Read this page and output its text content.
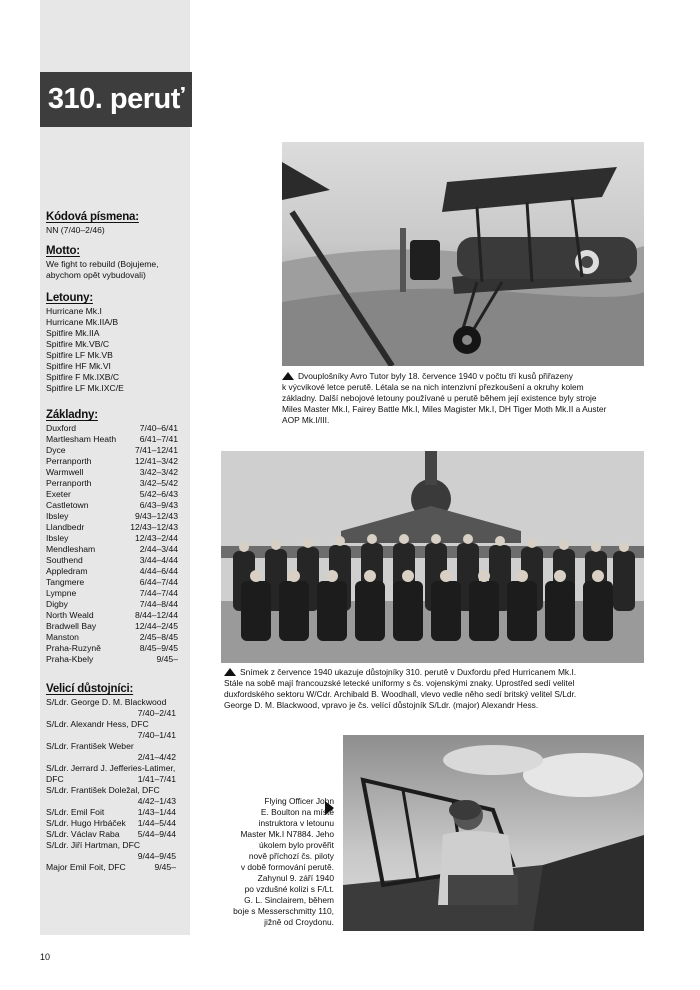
310. peruť
Kódová písmena:
NN (7/40–2/46)
Motto:
We fight to rebuild (Bojujeme,
abychom opět vybudovali)
Letouny:
Hurricane Mk.I
Hurricane Mk.IIA/B
Spitfire Mk.IIA
Spitfire Mk.VB/C
Spitfire LF Mk.VB
Spitfire HF Mk.VI
Spitfire F Mk.IXB/C
Spitfire LF Mk.IXC/E
Základny:
Duxford	7/40–6/41
Martlesham Heath	6/41–7/41
Dyce	7/41–12/41
Perranporth	12/41–3/42
Warmwell	3/42–3/42
Perranporth	3/42–5/42
Exeter	5/42–6/43
Castletown	6/43–9/43
Ibsley	9/43–12/43
Llandbedr	12/43–12/43
Ibsley	12/43–2/44
Mendlesham	2/44–3/44
Southend	3/44–4/44
Appledram	4/44–6/44
Tangmere	6/44–7/44
Lympne	7/44–7/44
Digby	7/44–8/44
North Weald	8/44–12/44
Bradwell Bay	12/44–2/45
Manston	2/45–8/45
Praha-Ruzyně	8/45–9/45
Praha-Kbely	9/45–
Velicí důstojníci:
S/Ldr. George D. M. Blackwood
7/40–2/41
S/Ldr. Alexandr Hess, DFC
7/40–1/41
S/Ldr. František Weber
2/41–4/42
S/Ldr. Jerrard J. Jefferies-Latimer,
DFC	1/41–7/41
S/Ldr. František Doležal, DFC
4/42–1/43
S/Ldr. Emil Foit	1/43–1/44
S/Ldr. Hugo Hrbáček 1/44–5/44
S/Ldr. Václav Raba 5/44–9/44
S/Ldr. Jiří Hartman, DFC
9/44–9/45
Major Emil Foit, DFC	9/45–
Dvouplošníky Avro Tutor byly 18. července 1940 v počtu tří kusů přiřazeny
k výcvikové letce perutě. Létala se na nich intenzivní přezkoušení a okruhy kolem
základny. Další nebojové letouny používané u perutě během její existence byly stroje
Miles Master Mk.I, Fairey Battle Mk.I, Miles Magister Mk.I, DH Tiger Moth Mk.II a Auster
AOP Mk.I/III.
Snímek z července 1940 ukazuje důstojníky 310. perutě v Duxfordu před Hurricanem Mk.I.
Stále na sobě mají francouzské letecké uniformy s čs. vojenskými znaky. Uprostřed sedí velitel
duxfordského sektoru W/Cdr. Archibald B. Woodhall, vlevo vedle něho sedí britský velitel S/Ldr.
George D. M. Blackwood, vpravo je čs. velící důstojník S/Ldr. (major) Alexandr Hess.
Flying Officer John
E. Boulton na místě
instruktora v letounu
Master Mk.I N7884. Jeho
úkolem bylo prověřit
nově příchozí čs. piloty
v době formování perutě.
Zahynul 9. září 1940
po vzdušné kolizi s F/Lt.
G. L. Sinclairem, během
boje s Messerschmitty 110,
jižně od Croydonu.
10
